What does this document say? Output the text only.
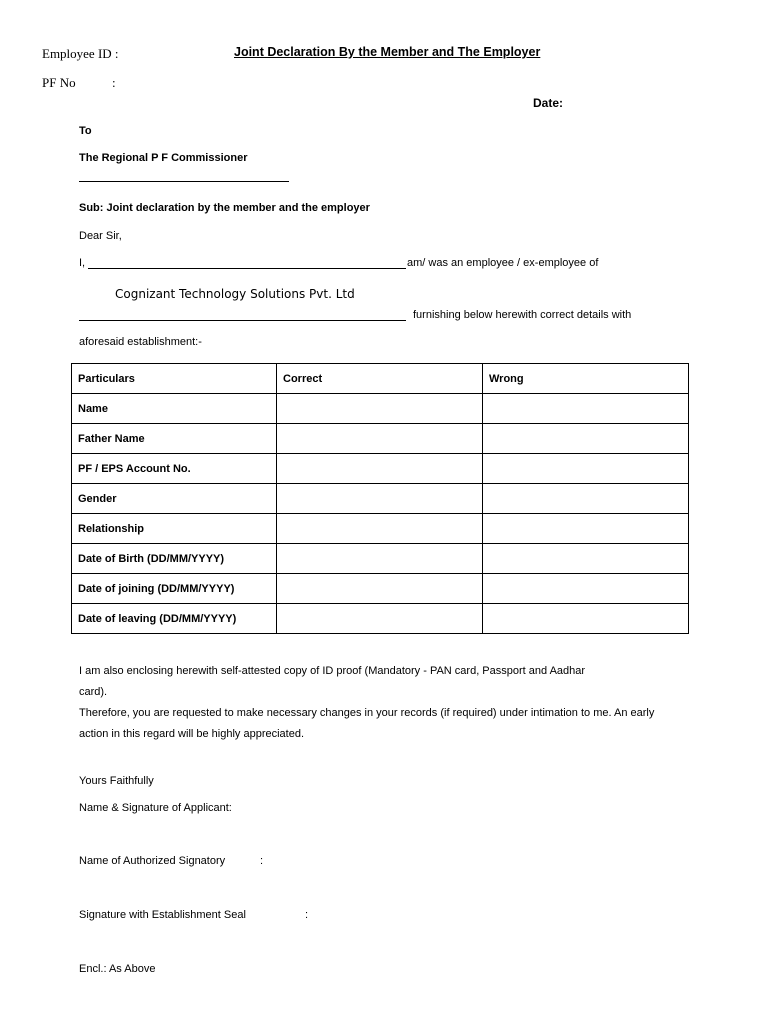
Employee ID :	Joint Declaration By the Member and The Employer
PF No	:
Date:
To
The Regional P F Commissioner
Sub: Joint declaration by the member and the employer
Dear Sir,
I,	am/ was an employee / ex-employee of
Cognizant Technology Solutions Pvt. Ltd
furnishing below herewith correct details with
aforesaid establishment:-
Particulars	Correct	Wrong
Name		
Father Name		
PF / EPS Account No.		
Gender		
Relationship		
Date of Birth (DD/MM/YYYY)		
Date of joining (DD/MM/YYYY)		
Date of leaving (DD/MM/YYYY)		
I am also enclosing herewith self-attested copy of ID proof (Mandatory - PAN card, Passport and Aadhar
card).
Therefore, you are requested to make necessary changes in your records (if required) under intimation to me. An early
action in this regard will be highly appreciated.
Yours Faithfully
Name & Signature of Applicant:
Name of Authorized Signatory	:
Signature with Establishment Seal	:
Encl.: As Above
